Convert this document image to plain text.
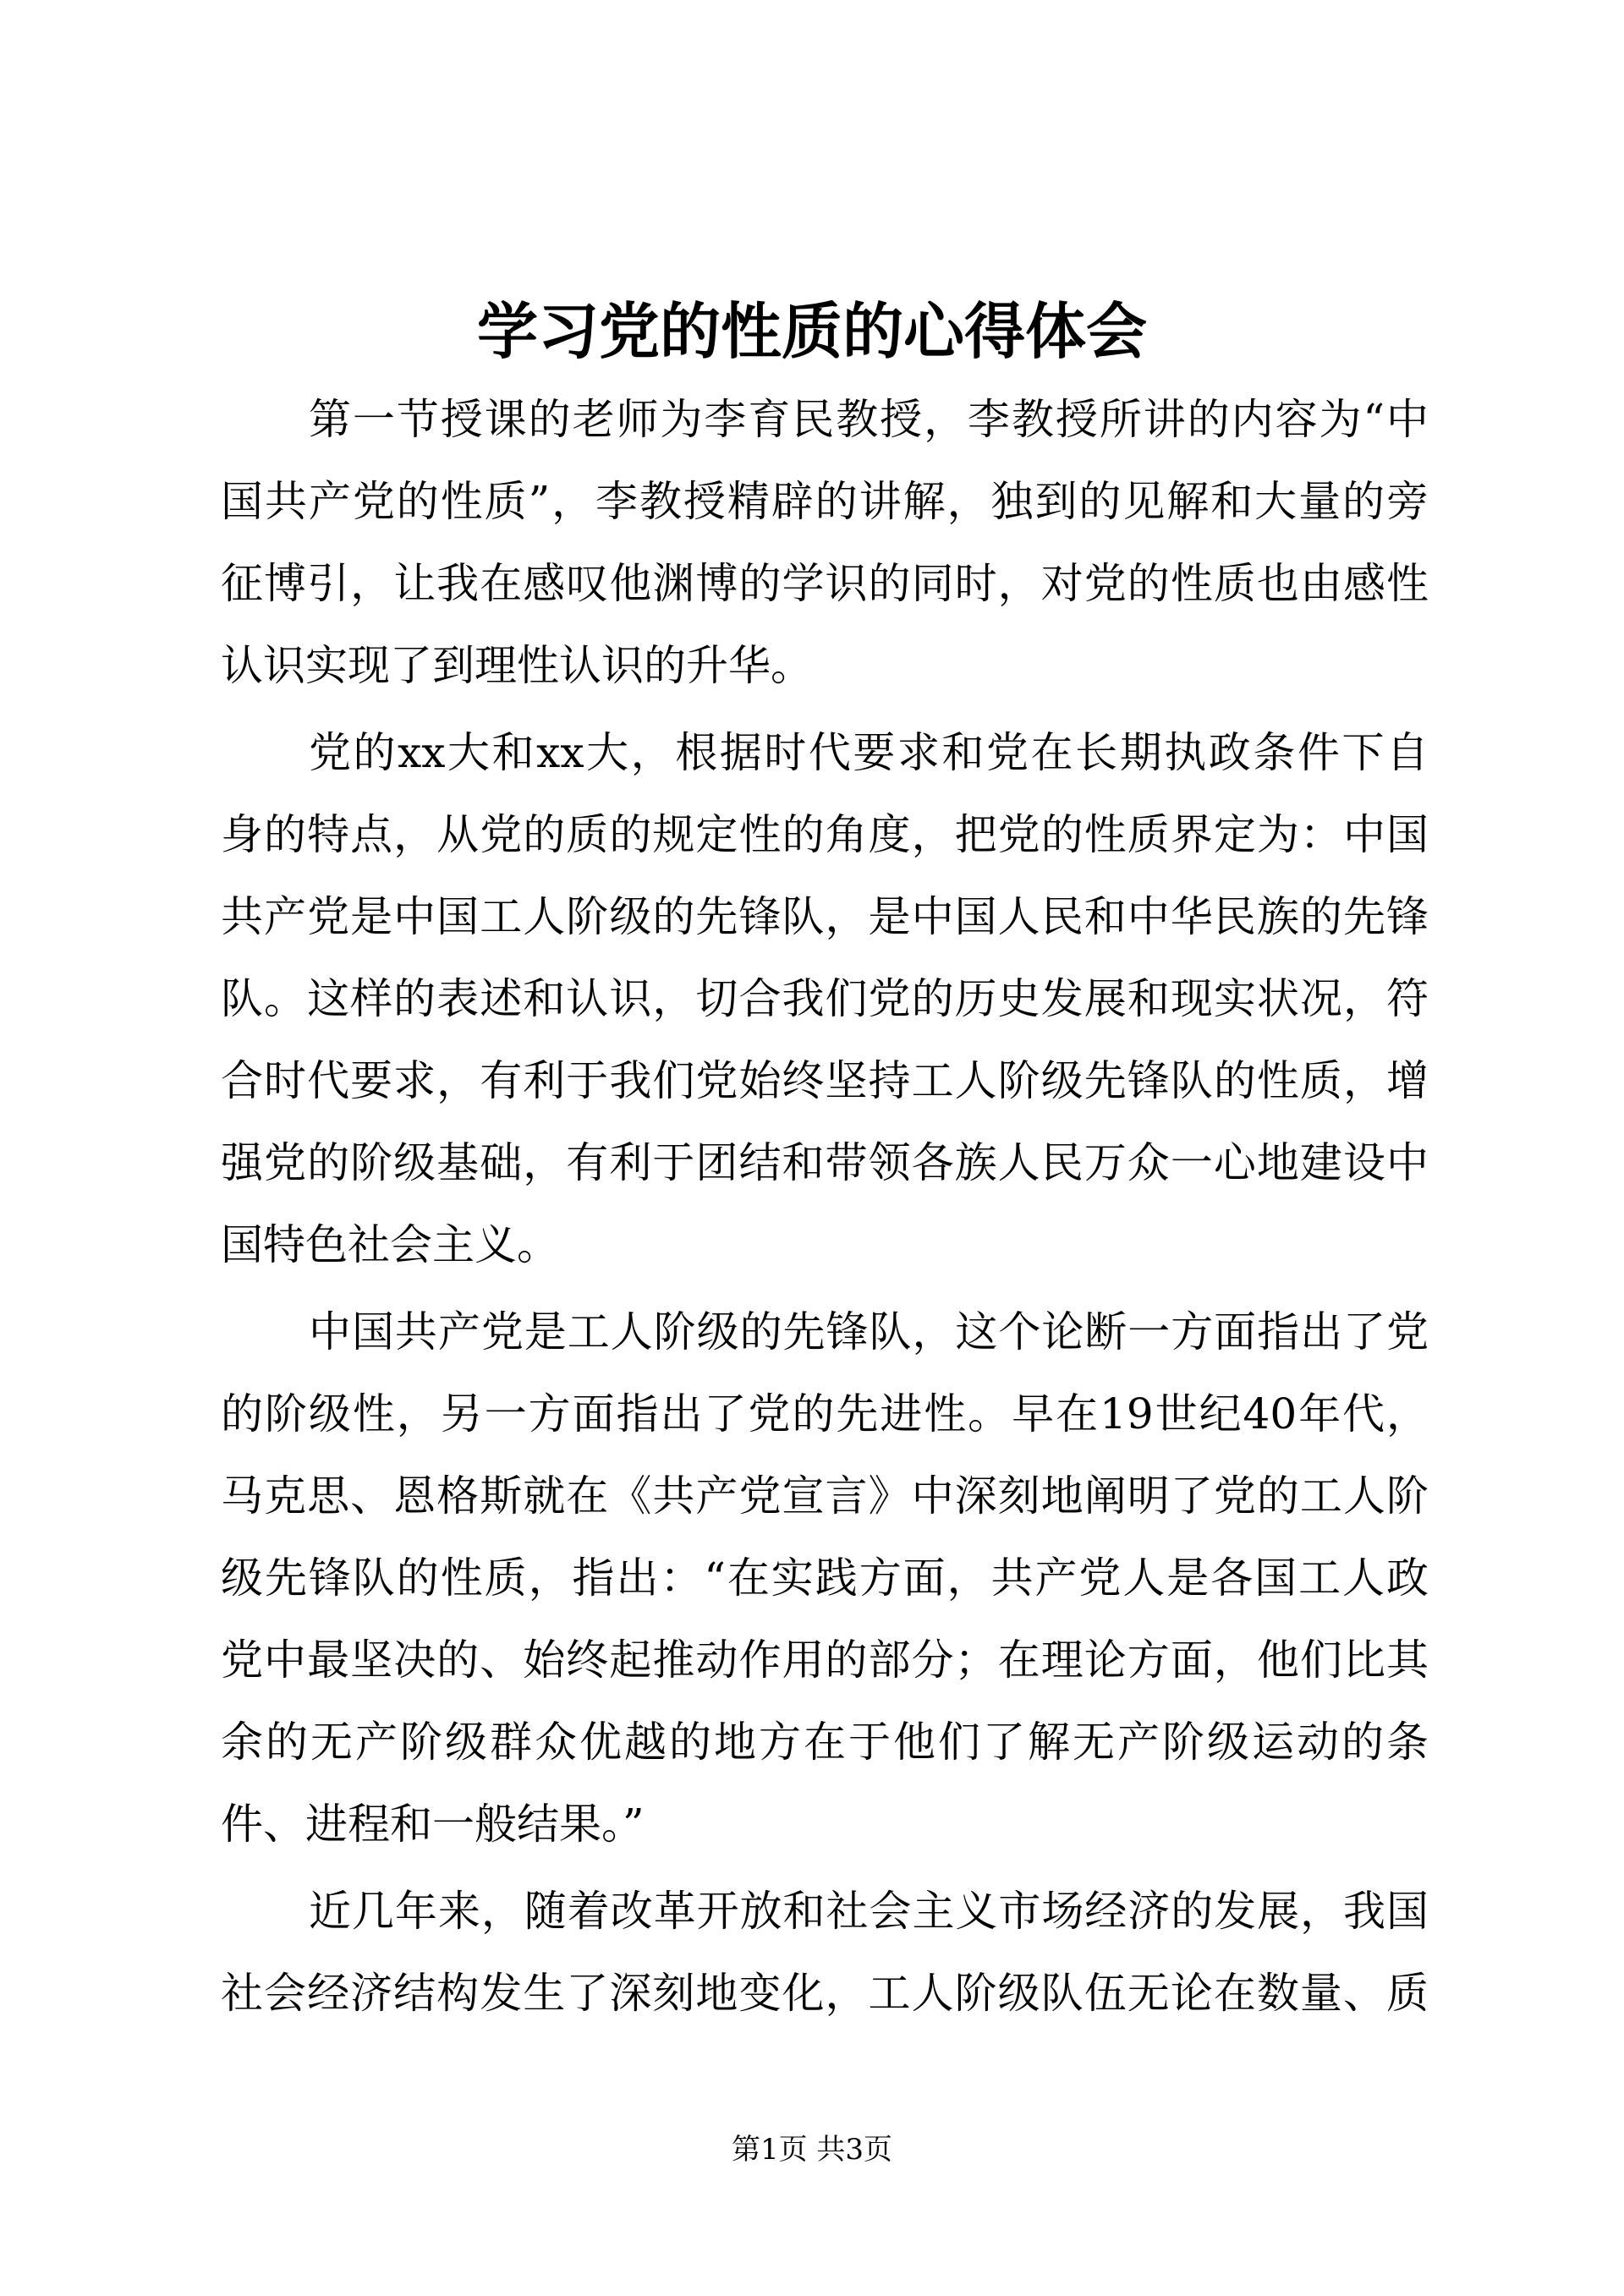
学习党的性质的心得体会
第一节授课的老师为李育民教授，李教授所讲的内容为“中
国共产党的性质”，李教授精辟的讲解，独到的见解和大量的旁
征博引，让我在感叹他渊博的学识的同时，对党的性质也由感性
认识实现了到理性认识的升华。
党的xx大和xx大，根据时代要求和党在长期执政条件下自
身的特点，从党的质的规定性的角度，把党的性质界定为：中国
共产党是中国工人阶级的先锋队，是中国人民和中华民族的先锋
队。这样的表述和认识，切合我们党的历史发展和现实状况，符
合时代要求，有利于我们党始终坚持工人阶级先锋队的性质，增
强党的阶级基础，有利于团结和带领各族人民万众一心地建设中
国特色社会主义。
中国共产党是工人阶级的先锋队，这个论断一方面指出了党
的阶级性，另一方面指出了党的先进性。早在19世纪40年代，
马克思、恩格斯就在《共产党宣言》中深刻地阐明了党的工人阶
级先锋队的性质，指出：“在实践方面，共产党人是各国工人政
党中最坚决的、始终起推动作用的部分；在理论方面，他们比其
余的无产阶级群众优越的地方在于他们了解无产阶级运动的条
件、进程和一般结果。”
近几年来，随着改革开放和社会主义市场经济的发展，我国
社会经济结构发生了深刻地变化，工人阶级队伍无论在数量、质
第1页 共3页
